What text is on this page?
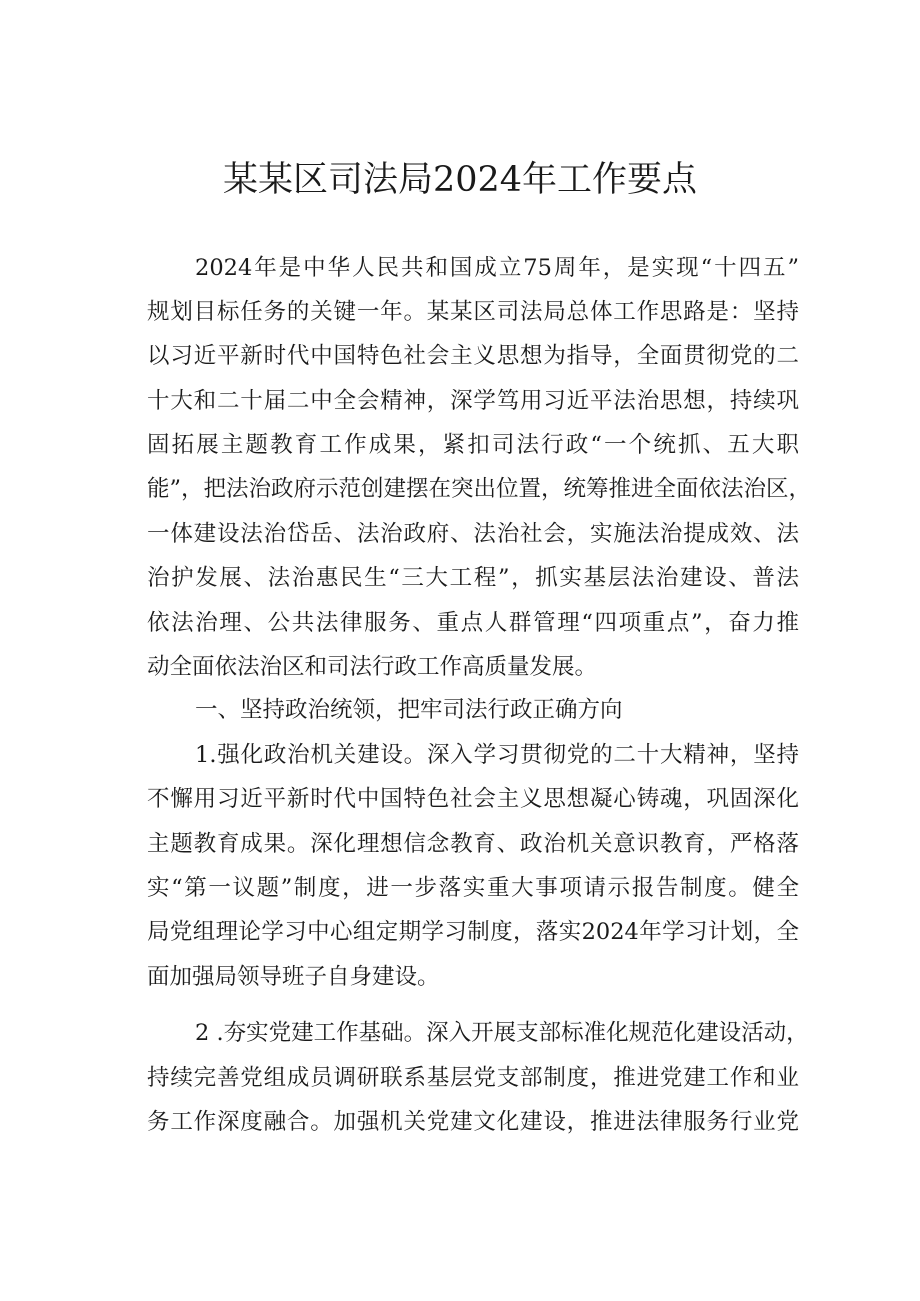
某某区司法局2024年工作要点
2024年是中华人民共和国成立75周年，是实现“十四五”
规划目标任务的关键一年。某某区司法局总体工作思路是：坚持
以习近平新时代中国特色社会主义思想为指导，全面贯彻党的二
十大和二十届二中全会精神，深学笃用习近平法治思想，持续巩
固拓展主题教育工作成果，紧扣司法行政“一个统抓、五大职
能”，把法治政府示范创建摆在突出位置，统筹推进全面依法治区，
一体建设法治岱岳、法治政府、法治社会，实施法治提成效、法
治护发展、法治惠民生“三大工程”，抓实基层法治建设、普法
依法治理、公共法律服务、重点人群管理“四项重点”，奋力推
动全面依法治区和司法行政工作高质量发展。
一、坚持政治统领，把牢司法行政正确方向
1.强化政治机关建设。深入学习贯彻党的二十大精神，坚持
不懈用习近平新时代中国特色社会主义思想凝心铸魂，巩固深化
主题教育成果。深化理想信念教育、政治机关意识教育，严格落
实“第一议题”制度，进一步落实重大事项请示报告制度。健全
局党组理论学习中心组定期学习制度，落实2024年学习计划，全
面加强局领导班子自身建设。
2 .夯实党建工作基础。深入开展支部标准化规范化建设活动，
持续完善党组成员调研联系基层党支部制度，推进党建工作和业
务工作深度融合。加强机关党建文化建设，推进法律服务行业党
